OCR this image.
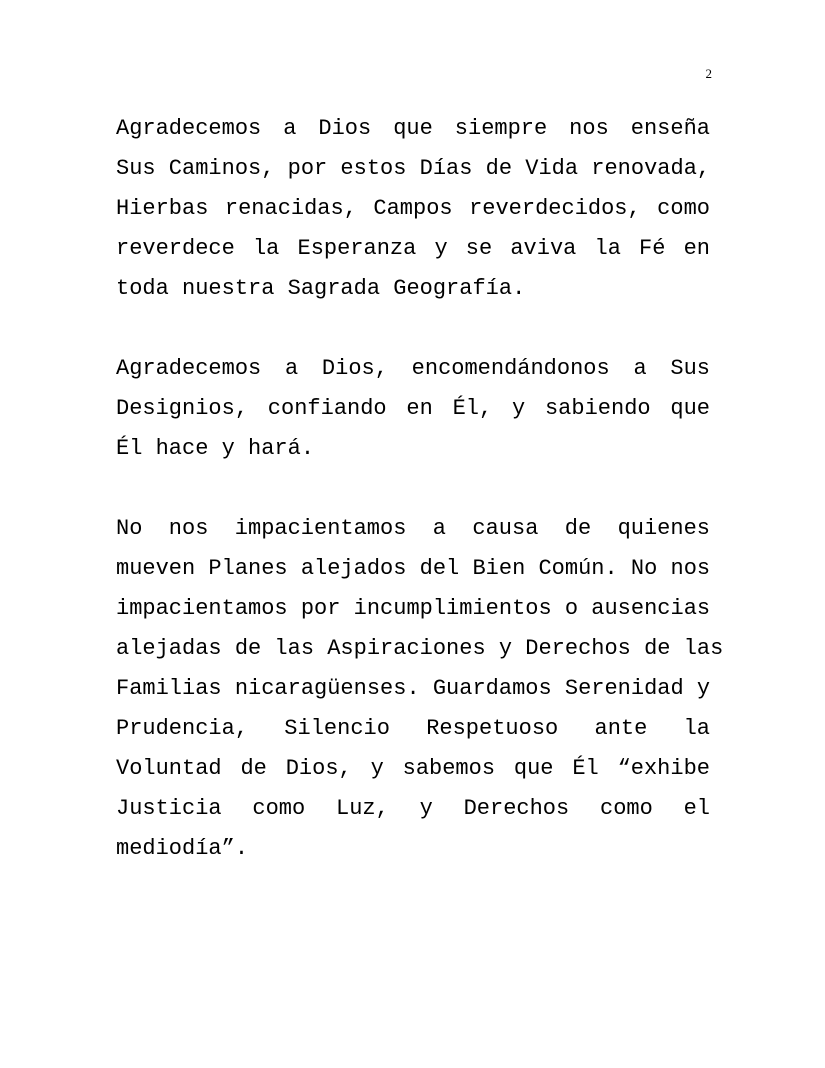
2

Agradecemos a Dios que siempre nos enseña
Sus Caminos, por estos Días de Vida renovada,
Hierbas renacidas, Campos reverdecidos, como
reverdece la Esperanza y se aviva la Fé en
toda nuestra Sagrada Geografía.

Agradecemos a Dios, encomendándonos a Sus
Designios, confiando en Él, y sabiendo que
Él hace y hará.

No nos impacientamos a causa de quienes
mueven Planes alejados del Bien Común. No nos
impacientamos por incumplimientos o ausencias
alejadas de las Aspiraciones y Derechos de las
Familias nicaragüenses. Guardamos Serenidad y
Prudencia, Silencio Respetuoso ante la
Voluntad de Dios, y sabemos que Él “exhibe
Justicia como Luz, y Derechos como el
mediodía”.
